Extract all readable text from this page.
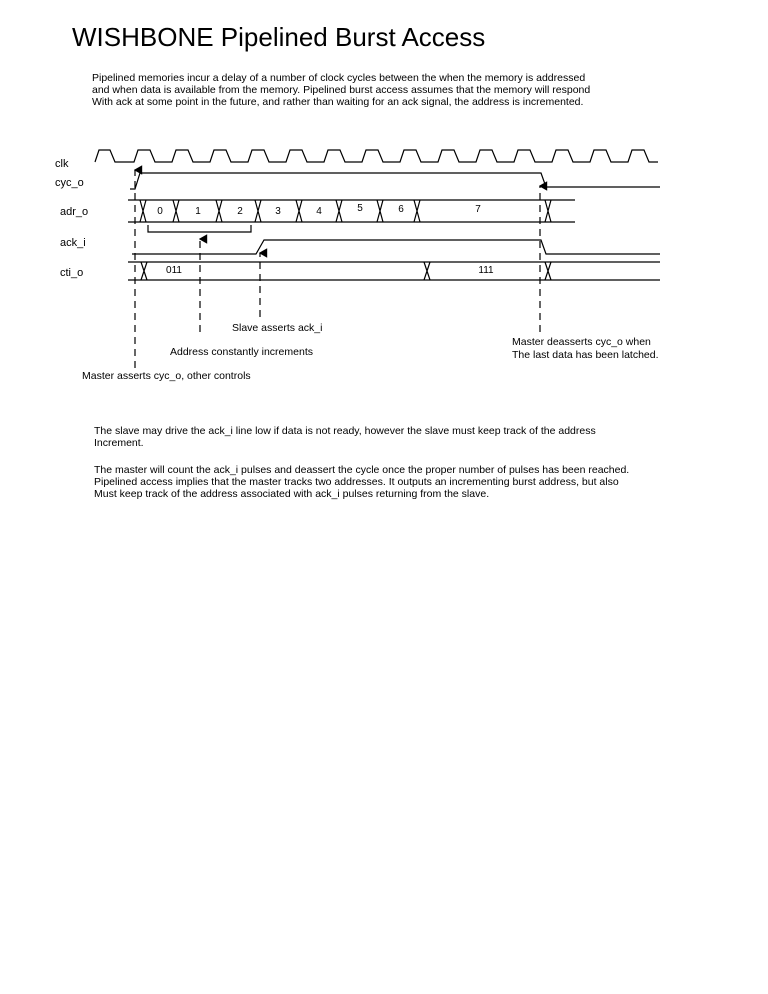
WISHBONE Pipelined Burst Access
Pipelined memories incur a delay of a number of clock cycles between the when the memory is addressed
and when data is available from the memory. Pipelined burst access assumes that the memory will respond
With ack at some point in the future, and rather than waiting for an ack signal, the address is incremented.
clk
cyc_o
adr_o
ack_i
cti_o
0	1	2	3	4	5	6	7
011	111
Slave asserts ack_i
Address constantly increments
Master asserts cyc_o, other controls
Master deasserts cyc_o when
The last data has been latched.
The slave may drive the ack_i line low if data is not ready, however the slave must keep track of the address
Increment.
The master will count the ack_i pulses and deassert the cycle once the proper number of pulses has been reached.
Pipelined access implies that the master tracks two addresses. It outputs an incrementing burst address, but also
Must keep track of the address associated with ack_i pulses returning from the slave.
